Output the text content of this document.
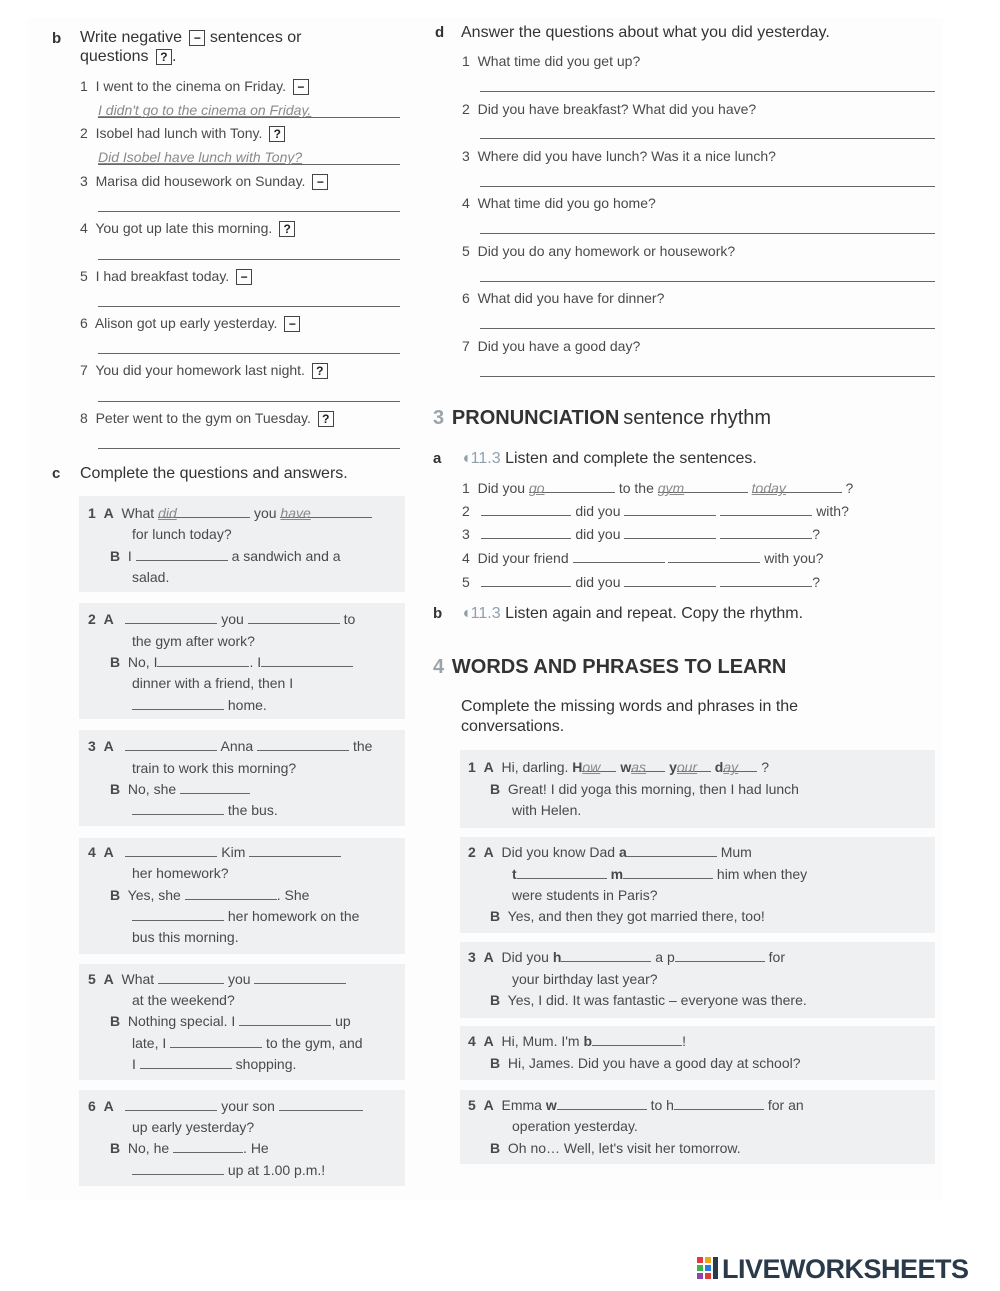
b Write negative − sentences or
questions ? .
1 I went to the cinema on Friday. −
I didn't go to the cinema on Friday.
2 Isobel had lunch with Tony. ?
Did Isobel have lunch with Tony?
3 Marisa did housework on Sunday. −
4 You got up late this morning. ?
5 I had breakfast today. −
6 Alison got up early yesterday. −
7 You did your homework last night. ?
8 Peter went to the gym on Tuesday. ?
c Complete the questions and answers.
1 A What did	you have
for lunch today?
B I	a sandwich and a
salad.
2 A	you	to
the gym after work?
B No, I	. I
dinner with a friend, then I
home.
3 A	Anna	the
train to work this morning?
B No, she
the bus.
4 A	Kim
her homework?
B Yes, she	. She
her homework on the
bus this morning.
5 A What	you
at the weekend?
B Nothing special. I	up
late, I	to the gym, and
I	shopping.
6 A	your son
up early yesterday?
B No, he	. He
up at 1.00 p.m.!
d Answer the questions about what you did yesterday.
1 What time did you get up?
2 Did you have breakfast? What did you have?
3 Where did you have lunch? Was it a nice lunch?
4 What time did you go home?
5 Did you do any homework or housework?
6 What did you have for dinner?
7 Did you have a good day?
3 PRONUNCIATION sentence rhythm
a ◖11.3 Listen and complete the sentences.
1 Did you go	to the gym	today	?
2	did you	with?
3	did you	?
4 Did your friend	with you?
5	did you	?
b ◖11.3 Listen again and repeat. Copy the rhythm.
4 WORDS AND PHRASES TO LEARN
Complete the missing words and phrases in the
conversations.
1 A Hi, darling. How was your day ?
B Great! I did yoga this morning, then I had lunch
with Helen.
2 A Did you know Dad a	Mum
t	m	him when they
were students in Paris?
B Yes, and then they got married there, too!
3 A Did you h	a p	for
your birthday last year?
B Yes, I did. It was fantastic – everyone was there.
4 A Hi, Mum. I'm b	!
B Hi, James. Did you have a good day at school?
5 A Emma w	to h	for an
operation yesterday.
B Oh no… Well, let's visit her tomorrow.
LIVEWORKSHEETS
